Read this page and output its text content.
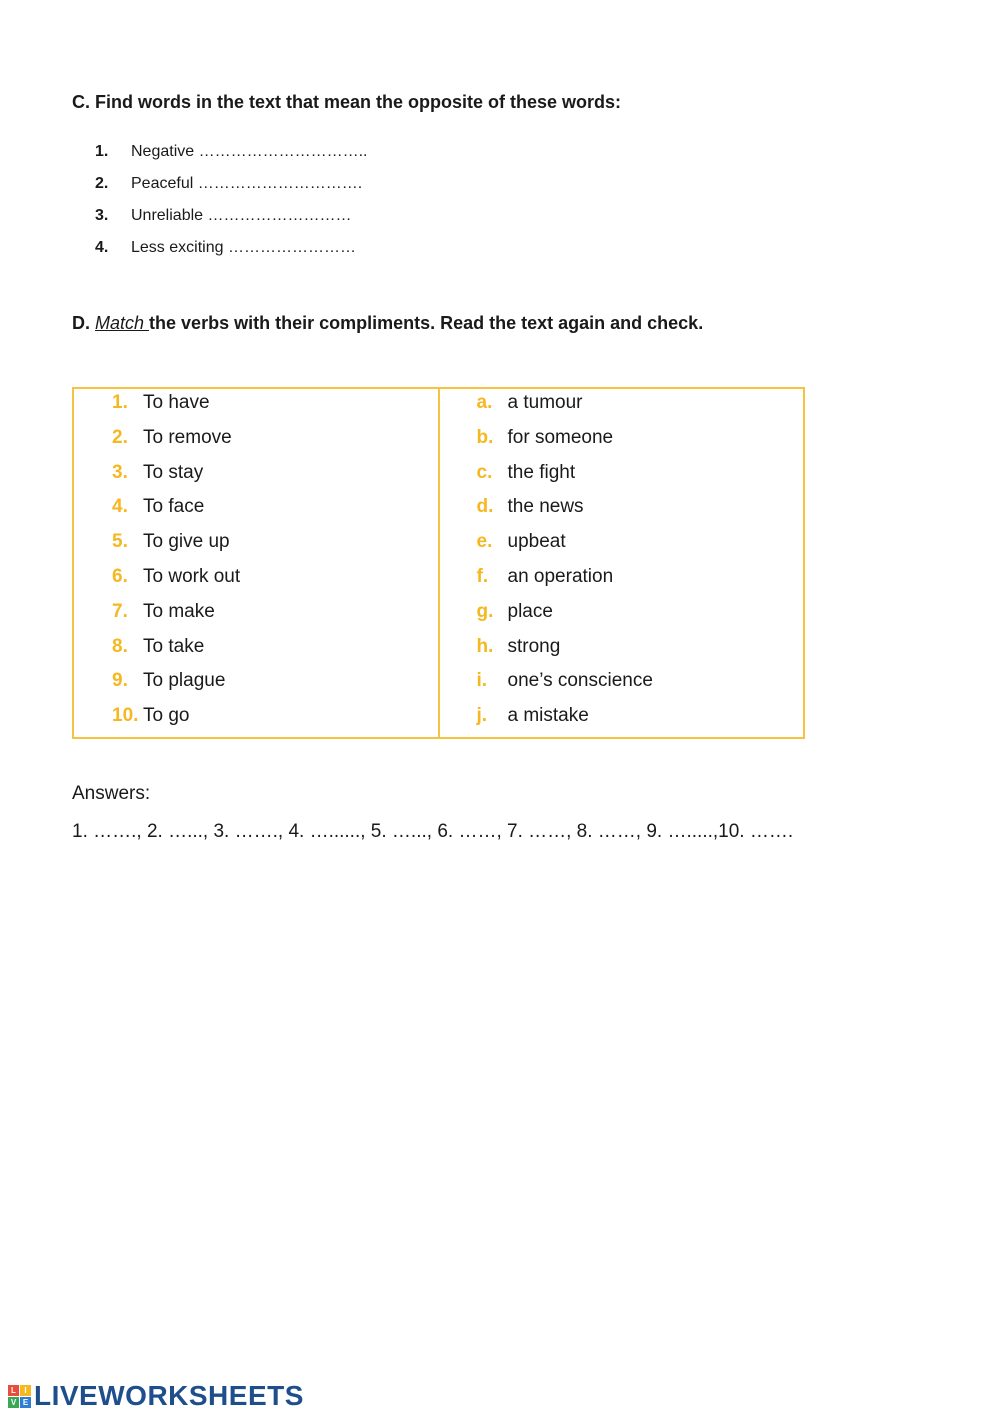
C. Find words in the text that mean the opposite of these words:
1. Negative …………………………..
2. Peaceful ………………………….
3. Unreliable ………………………
4. Less exciting ……………………
D. Match the verbs with their compliments. Read the text again and check.
1. To have
2. To remove
3. To stay
4. To face
5. To give up
6. To work out
7. To make
8. To take
9. To plague
10. To go
a. a tumour
b. for someone
c. the fight
d. the news
e. upbeat
f. an operation
g. place
h. strong
i. one’s conscience
j. a mistake
Answers:
1. ……., 2. …..., 3. ……., 4. …......, 5. …..., 6. ……, 7. ……, 8. ……, 9. ….....,10. …….
L	I
V E LIVEWORKSHEETS
